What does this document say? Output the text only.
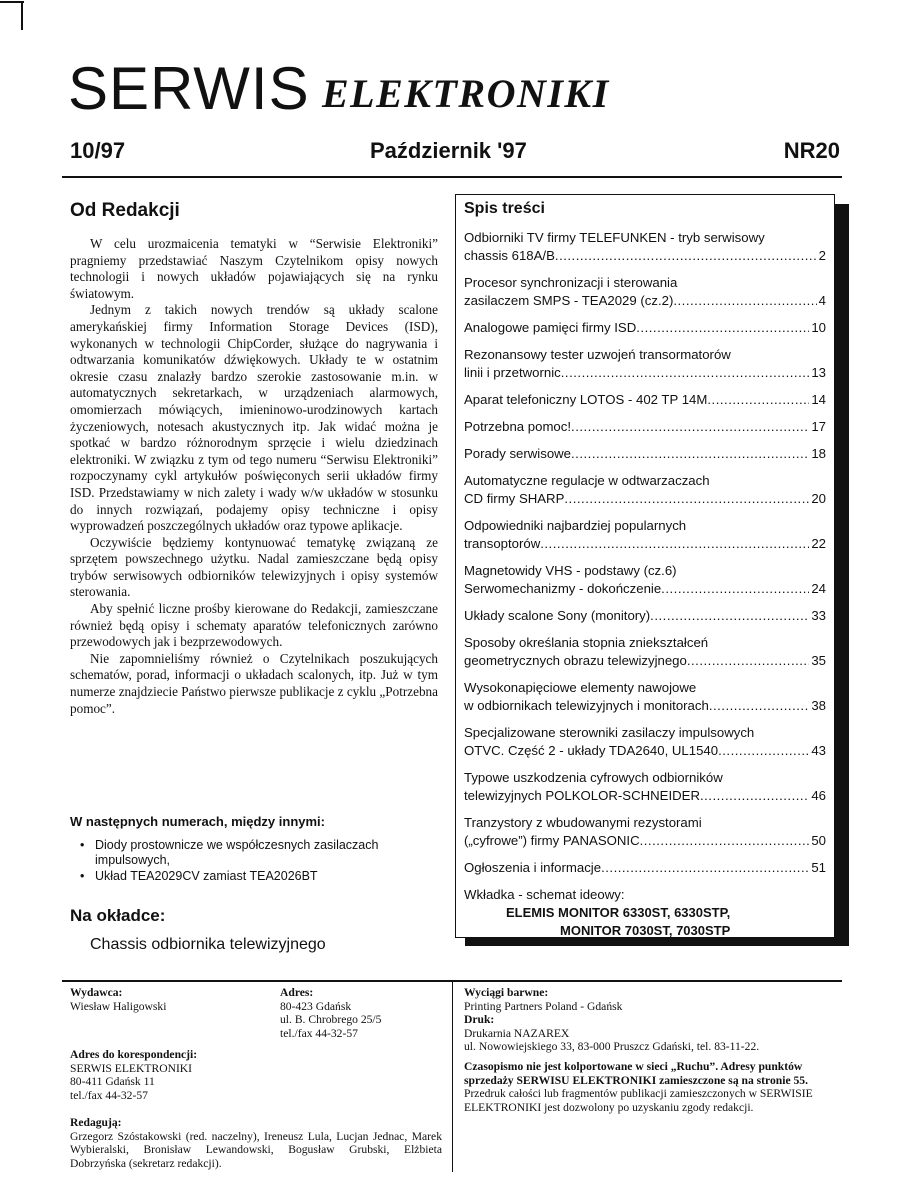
SERWIS ELEKTRONIKI
10/97	Październik '97	NR20
Od Redakcji

W celu urozmaicenia tematyki w “Serwisie Elektroniki” pragniemy przedstawiać Naszym Czytelnikom opisy nowych technologii i nowych układów pojawiających się na rynku światowym.

Jednym z takich nowych trendów są układy scalone amerykańskiej firmy Information Storage Devices (ISD), wykonanych w technologii ChipCorder, służące do nagrywania i odtwarzania komunikatów dźwiękowych. Układy te w ostatnim okresie czasu znalazły bardzo szerokie zastosowanie m.in. w automatycznych sekretarkach, w urządzeniach alarmowych, omomierzach mówiących, imieninowo-urodzinowych kartach życzeniowych, notesach akustycznych itp. Jak widać można je spotkać w bardzo różnorodnym sprzęcie i wielu dziedzinach elektroniki. W związku z tym od tego numeru “Serwisu Elektroniki” rozpoczynamy cykl artykułów poświęconych serii układów firmy ISD. Przedstawiamy w nich zalety i wady w/w układów w stosunku do innych rozwiązań, podajemy opisy techniczne i opisy wyprowadzeń poszczególnych układów oraz typowe aplikacje.

Oczywiście będziemy kontynuować tematykę związaną ze sprzętem powszechnego użytku. Nadal zamieszczane będą opisy trybów serwisowych odbiorników telewizyjnych i opisy systemów sterowania.

Aby spełnić liczne prośby kierowane do Redakcji, zamieszczane również będą opisy i schematy aparatów telefonicznych zarówno przewodowych jak i bezprzewodowych.

Nie zapomnieliśmy również o Czytelnikach poszukujących schematów, porad, informacji o układach scalonych, itp. Już w tym numerze znajdziecie Państwo pierwsze publikacje z cyklu „Potrzebna pomoc”.

W następnych numerach, między innymi:
• Diody prostownicze we współczesnych zasilaczach impulsowych,
• Układ TEA2029CV zamiast TEA2026BT
Na okładce:
Chassis odbiornika telewizyjnego
Spis treści
Odbiorniki TV firmy TELEFUNKEN - tryb serwisowy
chassis 618A/B .....	2
Procesor synchronizacji i sterowania
zasilaczem SMPS - TEA2029 (cz.2) .....	4
Analogowe pamięci firmy ISD .....	10
Rezonansowy tester uzwojeń transormatorów
linii i przetwornic .....	13
Aparat telefoniczny LOTOS - 402 TP 14M .....	14
Potrzebna pomoc! .....	17
Porady serwisowe .....	18
Automatyczne regulacje w odtwarzaczach
CD firmy SHARP .....	20
Odpowiedniki najbardziej popularnych
transoptorów .....	22
Magnetowidy VHS - podstawy (cz.6)
Serwomechanizmy - dokończenie .....	24
Układy scalone Sony (monitory) .....	33
Sposoby określania stopnia zniekształceń
geometrycznych obrazu telewizyjnego .....	35
Wysokonapięciowe elementy nawojowe
w odbiornikach telewizyjnych i monitorach .....	38
Specjalizowane sterowniki zasilaczy impulsowych
OTVC. Część 2 - układy TDA2640, UL1540 .....	43
Typowe uszkodzenia cyfrowych odbiorników
telewizyjnych POLKOLOR-SCHNEIDER .....	46
Tranzystory z wbudowanymi rezystorami
(„cyfrowe”) firmy PANASONIC .....	50
Ogłoszenia i informacje .....	51
Wkładka - schemat ideowy:
ELEMIS MONITOR 6330ST, 6330STP,
MONITOR 7030ST, 7030STP
Wydawca:
Wiesław Haligowski
Adres:
80-423 Gdańsk
ul. B. Chrobrego 25/5
tel./fax 44-32-57
Adres do korespondencji:
SERWIS ELEKTRONIKI
80-411 Gdańsk 11
tel./fax 44-32-57
Redagują:
Grzegorz Szóstakowski (red. naczelny), Ireneusz Lula, Lucjan Jednac, Marek Wybieralski, Bronisław Lewandowski, Bogusław Grubski, Elżbieta Dobrzyńska (sekretarz redakcji).
Wyciągi barwne:
Printing Partners Poland - Gdańsk
Druk:
Drukarnia NAZAREX
ul. Nowowiejskiego 33, 83-000 Pruszcz Gdański, tel. 83-11-22.
Czasopismo nie jest kolportowane w sieci „Ruchu”. Adresy punktów sprzedaży SERWISU ELEKTRONIKI zamieszczone są na stronie 55.
Przedruk całości lub fragmentów publikacji zamieszczonych w SERWISIE ELEKTRONIKI jest dozwolony po uzyskaniu zgody redakcji.
